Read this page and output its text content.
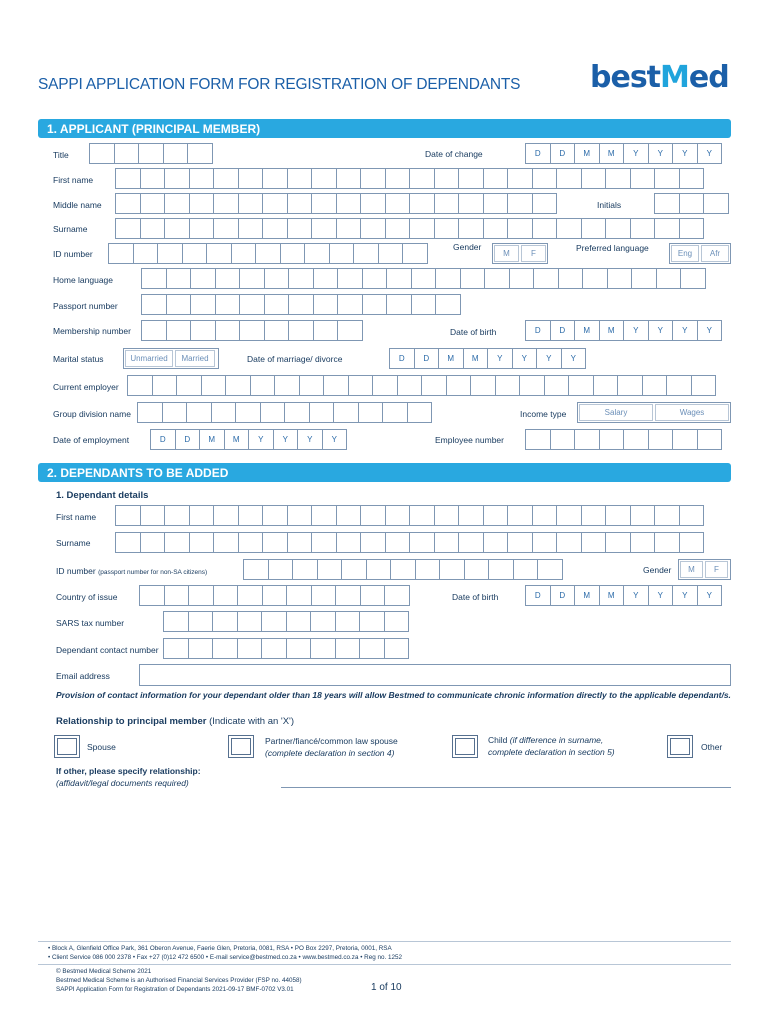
SAPPI APPLICATION FORM FOR REGISTRATION OF DEPENDANTS bestMed
1. APPLICANT (PRINCIPAL MEMBER)
Title	Date of change	D	D	M	M	Y	Y	Y	Y
First name
Middle name	Initials
Surname
ID number
Gender
M	F
Preferred language
Eng	Afr
Home language
Passport number
Membership number	Date of birth	D	D	M	M	Y	Y	Y	Y
Marital status	Unmarried	Married	Date of marriage/ divorce	D	D	M	M	Y	Y	Y	Y
Current employer
Group division name	Income type	Salary	Wages
Date of employment	D	D	M	M	Y	Y	Y	Y	Employee number
2. DEPENDANTS TO BE ADDED
1. Dependant details
First name
Surname
ID number (passport number for non-SA citizens)	Gender	M	F
Country of issue	Date of birth	D	D	M	M	Y	Y	Y	Y
SARS tax number
Dependant contact number
Email address
Provision of contact information for your dependant older than 18 years will allow Bestmed to communicate chronic information directly to the applicable dependant/s.
Relationship to principal member (Indicate with an 'X')
Spouse
Partner/fiancé/common law spouse
(complete declaration in section 4)
Child (if difference in surname,
complete declaration in section 5)	Other
If other, please specify relationship:
(affidavit/legal documents required)
• Block A, Glenfield Office Park, 361 Oberon Avenue, Faerie Glen, Pretoria, 0081, RSA • PO Box 2297, Pretoria, 0001, RSA
• Client Service 086 000 2378 • Fax +27 (0)12 472 6500 • E-mail service@bestmed.co.za • www.bestmed.co.za • Reg no. 1252
© Bestmed Medical Scheme 2021
Bestmed Medical Scheme is an Authorised Financial Services Provider (FSP no. 44058)
SAPPI Application Form for Registration of Dependants 2021-09-17 BMF-0702 V3.01	1 of 10
